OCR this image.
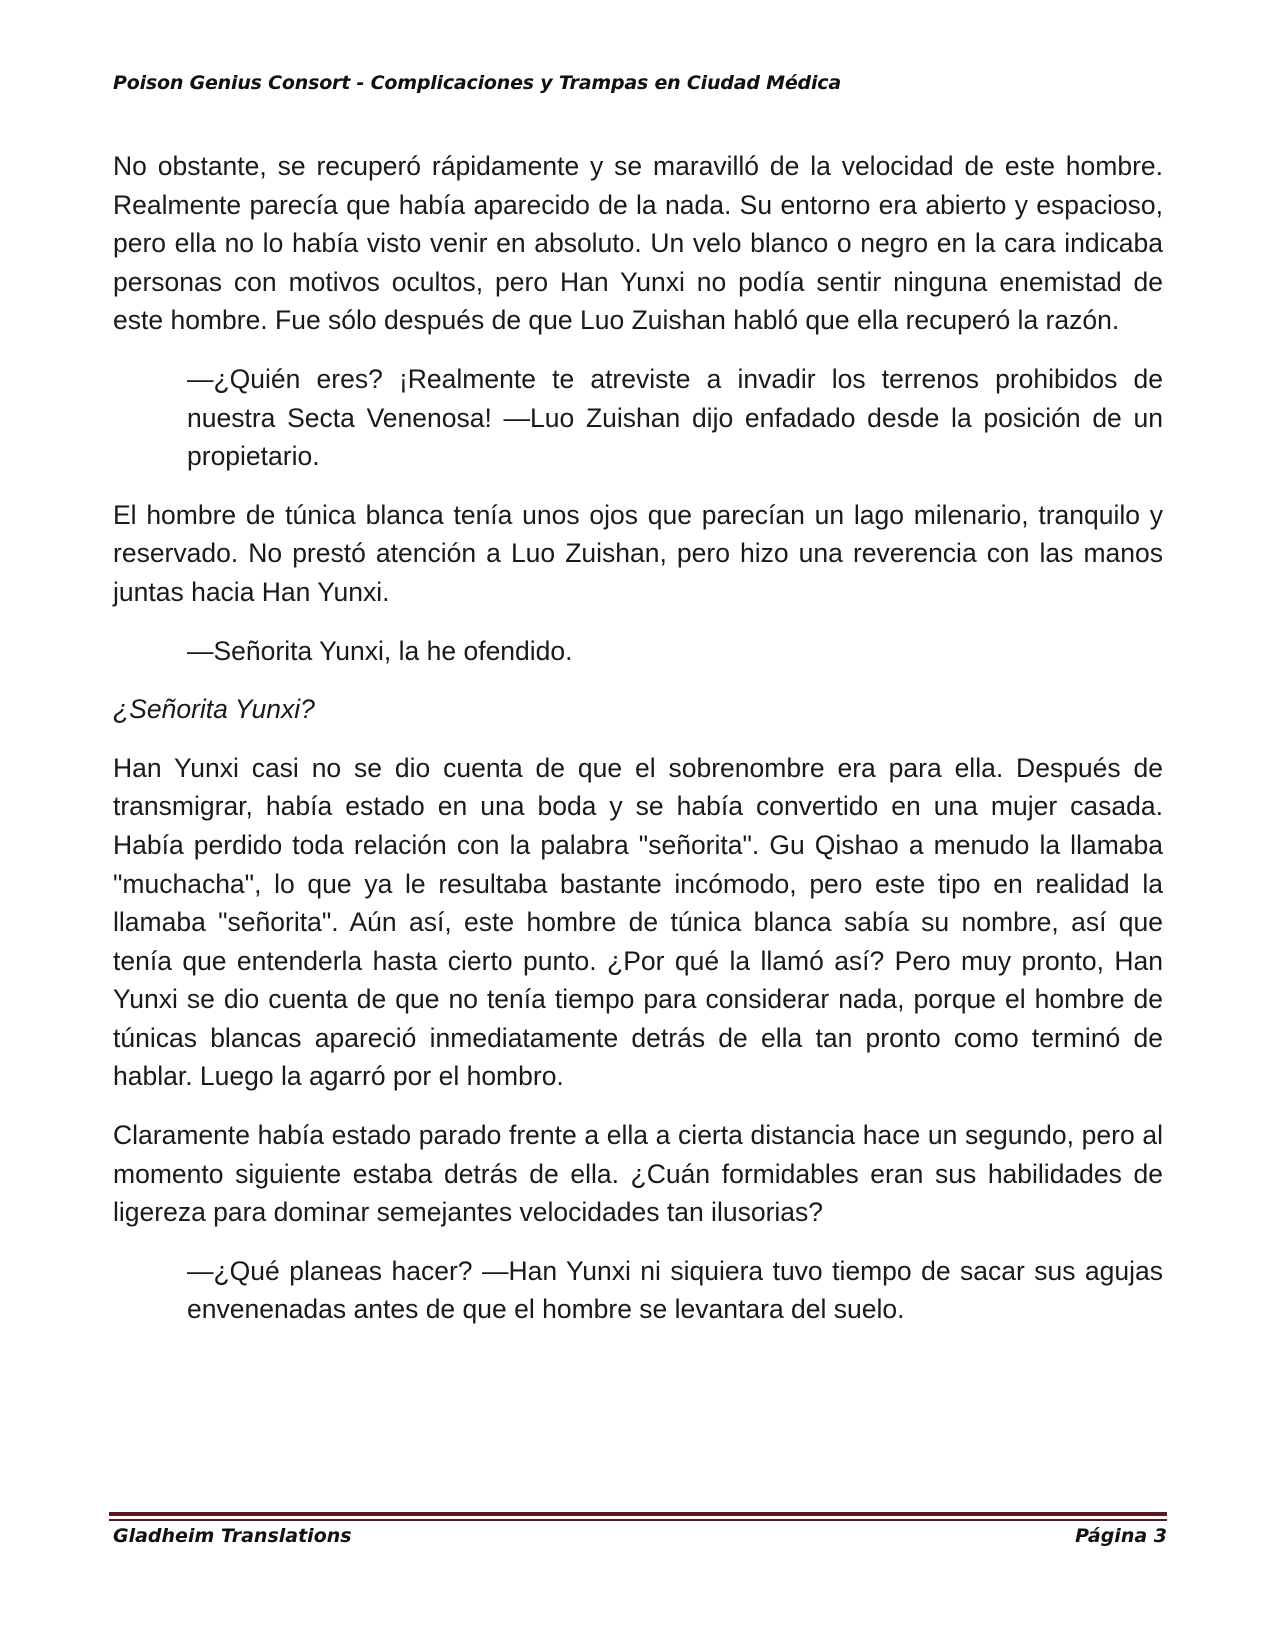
Poison Genius Consort - Complicaciones y Trampas en Ciudad Médica

No obstante, se recuperó rápidamente y se maravilló de la velocidad de este hombre. Realmente parecía que había aparecido de la nada. Su entorno era abierto y espacioso, pero ella no lo había visto venir en absoluto. Un velo blanco o negro en la cara indicaba personas con motivos ocultos, pero Han Yunxi no podía sentir ninguna enemistad de este hombre. Fue sólo después de que Luo Zuishan habló que ella recuperó la razón.

—¿Quién eres? ¡Realmente te atreviste a invadir los terrenos prohibidos de nuestra Secta Venenosa! —Luo Zuishan dijo enfadado desde la posición de un propietario.

El hombre de túnica blanca tenía unos ojos que parecían un lago milenario, tranquilo y reservado. No prestó atención a Luo Zuishan, pero hizo una reverencia con las manos juntas hacia Han Yunxi.

—Señorita Yunxi, la he ofendido.

¿Señorita Yunxi?

Han Yunxi casi no se dio cuenta de que el sobrenombre era para ella. Después de transmigrar, había estado en una boda y se había convertido en una mujer casada. Había perdido toda relación con la palabra "señorita". Gu Qishao a menudo la llamaba "muchacha", lo que ya le resultaba bastante incómodo, pero este tipo en realidad la llamaba "señorita". Aún así, este hombre de túnica blanca sabía su nombre, así que tenía que entenderla hasta cierto punto. ¿Por qué la llamó así? Pero muy pronto, Han Yunxi se dio cuenta de que no tenía tiempo para considerar nada, porque el hombre de túnicas blancas apareció inmediatamente detrás de ella tan pronto como terminó de hablar. Luego la agarró por el hombro.

Claramente había estado parado frente a ella a cierta distancia hace un segundo, pero al momento siguiente estaba detrás de ella. ¿Cuán formidables eran sus habilidades de ligereza para dominar semejantes velocidades tan ilusorias?

—¿Qué planeas hacer? —Han Yunxi ni siquiera tuvo tiempo de sacar sus agujas envenenadas antes de que el hombre se levantara del suelo.

Gladheim Translations	Página 3
